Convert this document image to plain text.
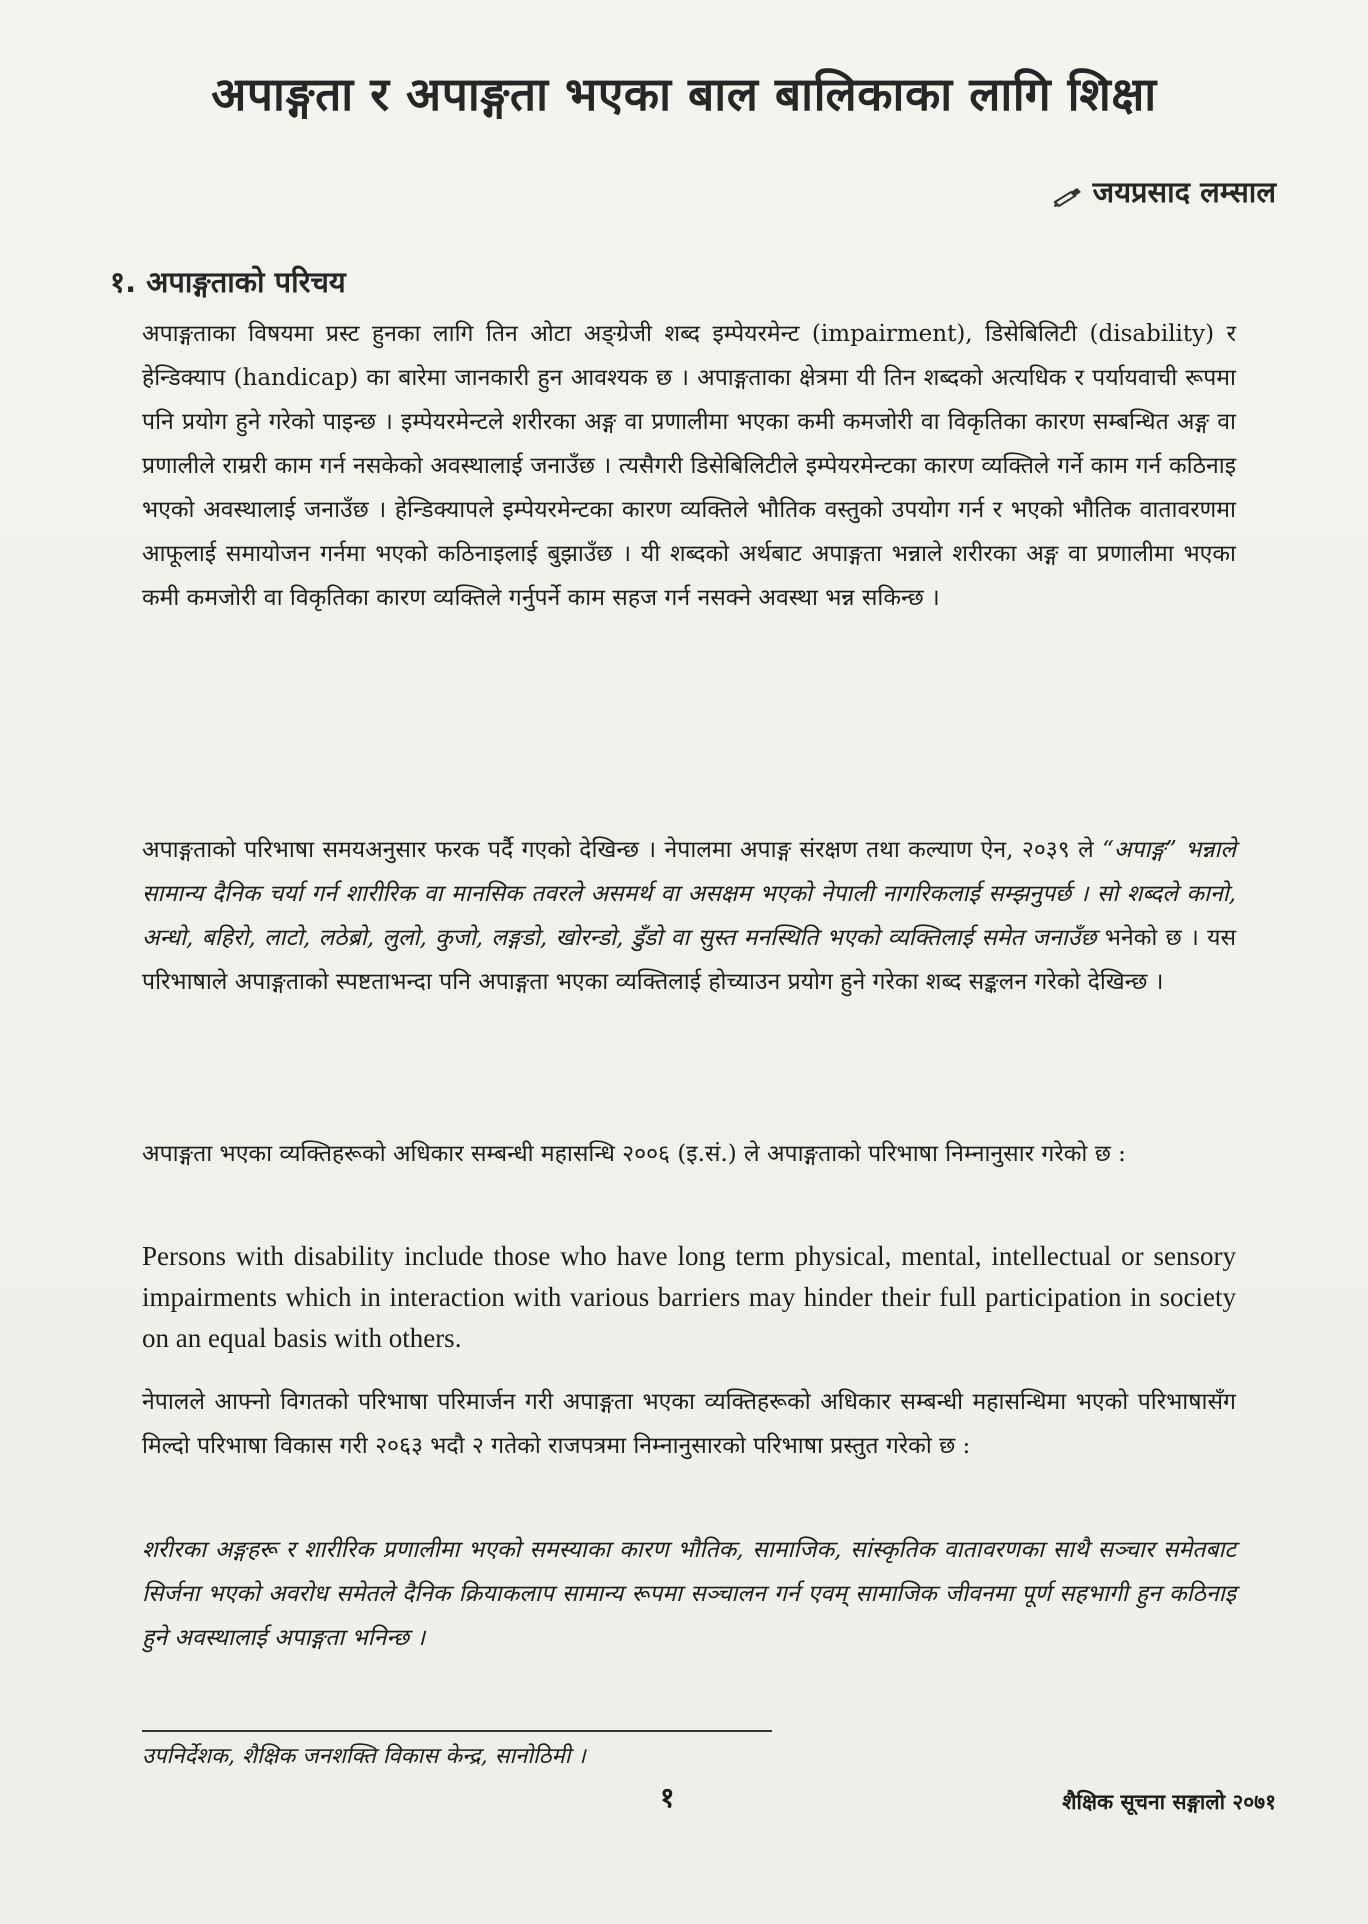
अपाङ्गता र अपाङ्गता भएका बाल बालिकाका लागि शिक्षा
जयप्रसाद लम्साल
१. अपाङ्गताको परिचय

अपाङ्गताका विषयमा प्रस्ट हुनका लागि तिन ओटा अङ्ग्रेजी शब्द इम्पेयरमेन्ट (impairment), डिसेबिलिटी (disability) र हेन्डिक्याप (handicap) का बारेमा जानकारी हुन आवश्यक छ । अपाङ्गताका क्षेत्रमा यी तिन शब्दको अत्यधिक र पर्यायवाची रूपमा पनि प्रयोग हुने गरेको पाइन्छ । इम्पेयरमेन्टले शरीरका अङ्ग वा प्रणालीमा भएका कमी कमजोरी वा विकृतिका कारण सम्बन्धित अङ्ग वा प्रणालीले राम्ररी काम गर्न नसकेको अवस्थालाई जनाउँछ । त्यसैगरी डिसेबिलिटीले इम्पेयरमेन्टका कारण व्यक्तिले गर्ने काम गर्न कठिनाइ भएको अवस्थालाई जनाउँछ । हेन्डिक्यापले इम्पेयरमेन्टका कारण व्यक्तिले भौतिक वस्तुको उपयोग गर्न र भएको भौतिक वातावरणमा आफूलाई समायोजन गर्नमा भएको कठिनाइलाई बुझाउँछ । यी शब्दको अर्थबाट अपाङ्गता भन्नाले शरीरका अङ्ग वा प्रणालीमा भएका कमी कमजोरी वा विकृतिका कारण व्यक्तिले गर्नुपर्ने काम सहज गर्न नसक्ने अवस्था भन्न सकिन्छ ।

अपाङ्गताको परिभाषा समयअनुसार फरक पर्दै गएको देखिन्छ । नेपालमा अपाङ्ग संरक्षण तथा कल्याण ऐन, २०३९ ले “अपाङ्ग” भन्नाले सामान्य दैनिक चर्या गर्न शारीरिक वा मानसिक तवरले असमर्थ वा असक्षम भएको नेपाली नागरिकलाई सम्झनुपर्छ । सो शब्दले कानो, अन्धो, बहिरो, लाटो, लठेब्रो, लुलो, कुजो, लङ्गडो, खोरन्डो, डुँडो वा सुस्त मनस्थिति भएको व्यक्तिलाई समेत जनाउँछ भनेको छ । यस परिभाषाले अपाङ्गताको स्पष्टताभन्दा पनि अपाङ्गता भएका व्यक्तिलाई होच्याउन प्रयोग हुने गरेका शब्द सङ्कलन गरेको देखिन्छ ।

अपाङ्गता भएका व्यक्तिहरूको अधिकार सम्बन्धी महासन्धि २००६ (इ.सं.) ले अपाङ्गताको परिभाषा निम्नानुसार गरेको छ :

Persons with disability include those who have long term physical, mental, intellectual or sensory impairments which in interaction with various barriers may hinder their full participation in society on an equal basis with others.

नेपालले आफ्नो विगतको परिभाषा परिमार्जन गरी अपाङ्गता भएका व्यक्तिहरूको अधिकार सम्बन्धी महासन्धिमा भएको परिभाषासँग मिल्दो परिभाषा विकास गरी २०६३ भदौ २ गतेको राजपत्रमा निम्नानुसारको परिभाषा प्रस्तुत गरेको छ :

शरीरका अङ्गहरू र शारीरिक प्रणालीमा भएको समस्याका कारण भौतिक, सामाजिक, सांस्कृतिक वातावरणका साथै सञ्चार समेतबाट सिर्जना भएको अवरोध समेतले दैनिक क्रियाकलाप सामान्य रूपमा सञ्चालन गर्न एवम् सामाजिक जीवनमा पूर्ण सहभागी हुन कठिनाइ हुने अवस्थालाई अपाङ्गता भनिन्छ ।

उपनिर्देशक, शैक्षिक जनशक्ति विकास केन्द्र, सानोठिमी ।
१	शैक्षिक सूचना सङ्गालो २०७१
